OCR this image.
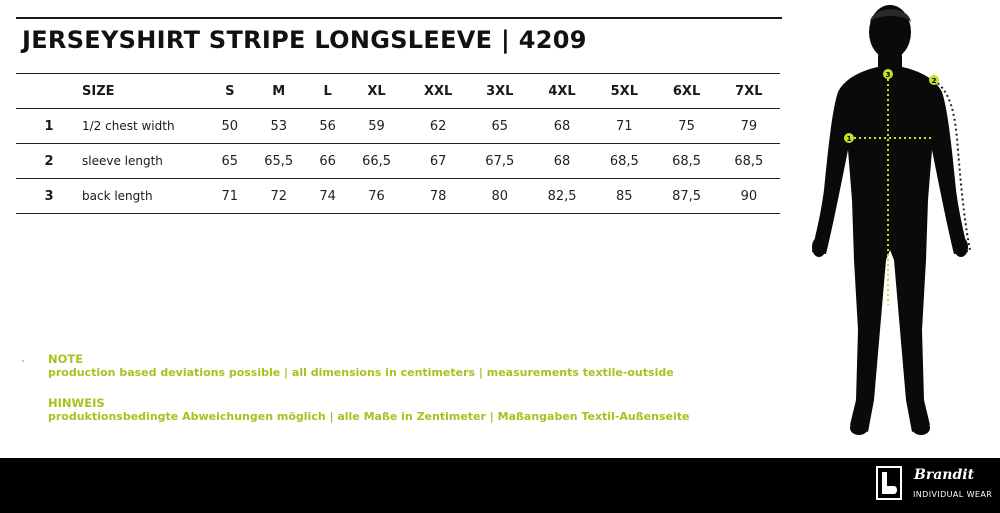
JERSEYSHIRT STRIPE LONGSLEEVE | 4209
	SIZE	S	M	L	XL	XXL	3XL	4XL	5XL	6XL	7XL
1	1/2 chest width	50	53	56	59	62	65	68	71	75	79
2	sleeve length	65	65,5	66	66,5	67	67,5	68	68,5	68,5	68,5
3	back length	71	72	74	76	78	80	82,5	85	87,5	90
NOTE
production based deviations possible | all dimensions in centimeters | measurements textile-outside
HINWEIS
produktionsbedingte Abweichungen möglich | alle Maße in Zentimeter | Maßangaben Textil-Außenseite
1
2
3
Brandit
INDIVIDUAL WEAR
